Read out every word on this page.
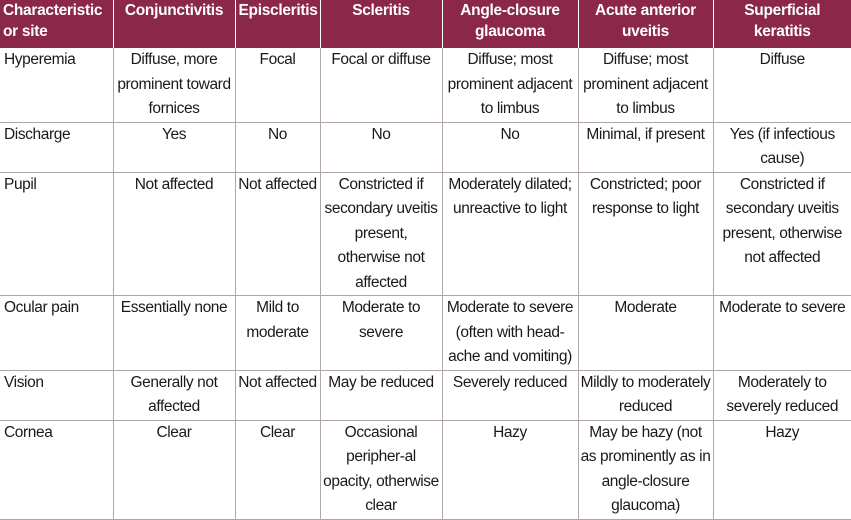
Characteristic or site	Conjunctivitis	Episcleritis	Scleritis	Angle-closure glaucoma	Acute anterior uveitis	Superficial keratitis
Hyperemia	Diffuse, more prominent toward fornices	Focal	Focal or diffuse	Diffuse; most prominent adjacent to limbus	Diffuse; most prominent adjacent to limbus	Diffuse
Discharge	Yes	No	No	No	Minimal, if present	Yes (if infectious cause)
Pupil	Not affected	Not affected	Constricted if secondary uveitis present, otherwise not affected	Moderately dilated; unreactive to light	Constricted; poor response to light	Constricted if secondary uveitis present, otherwise not affected
Ocular pain	Essentially none	Mild to moderate	Moderate to severe	Moderate to severe (often with head-ache and vomiting)	Moderate	Moderate to severe
Vision	Generally not affected	Not affected	May be reduced	Severely reduced	Mildly to moderately reduced	Moderately to severely reduced
Cornea	Clear	Clear	Occasional peripher-al opacity, otherwise clear	Hazy	May be hazy (not as prominently as in angle-closure glaucoma)	Hazy
